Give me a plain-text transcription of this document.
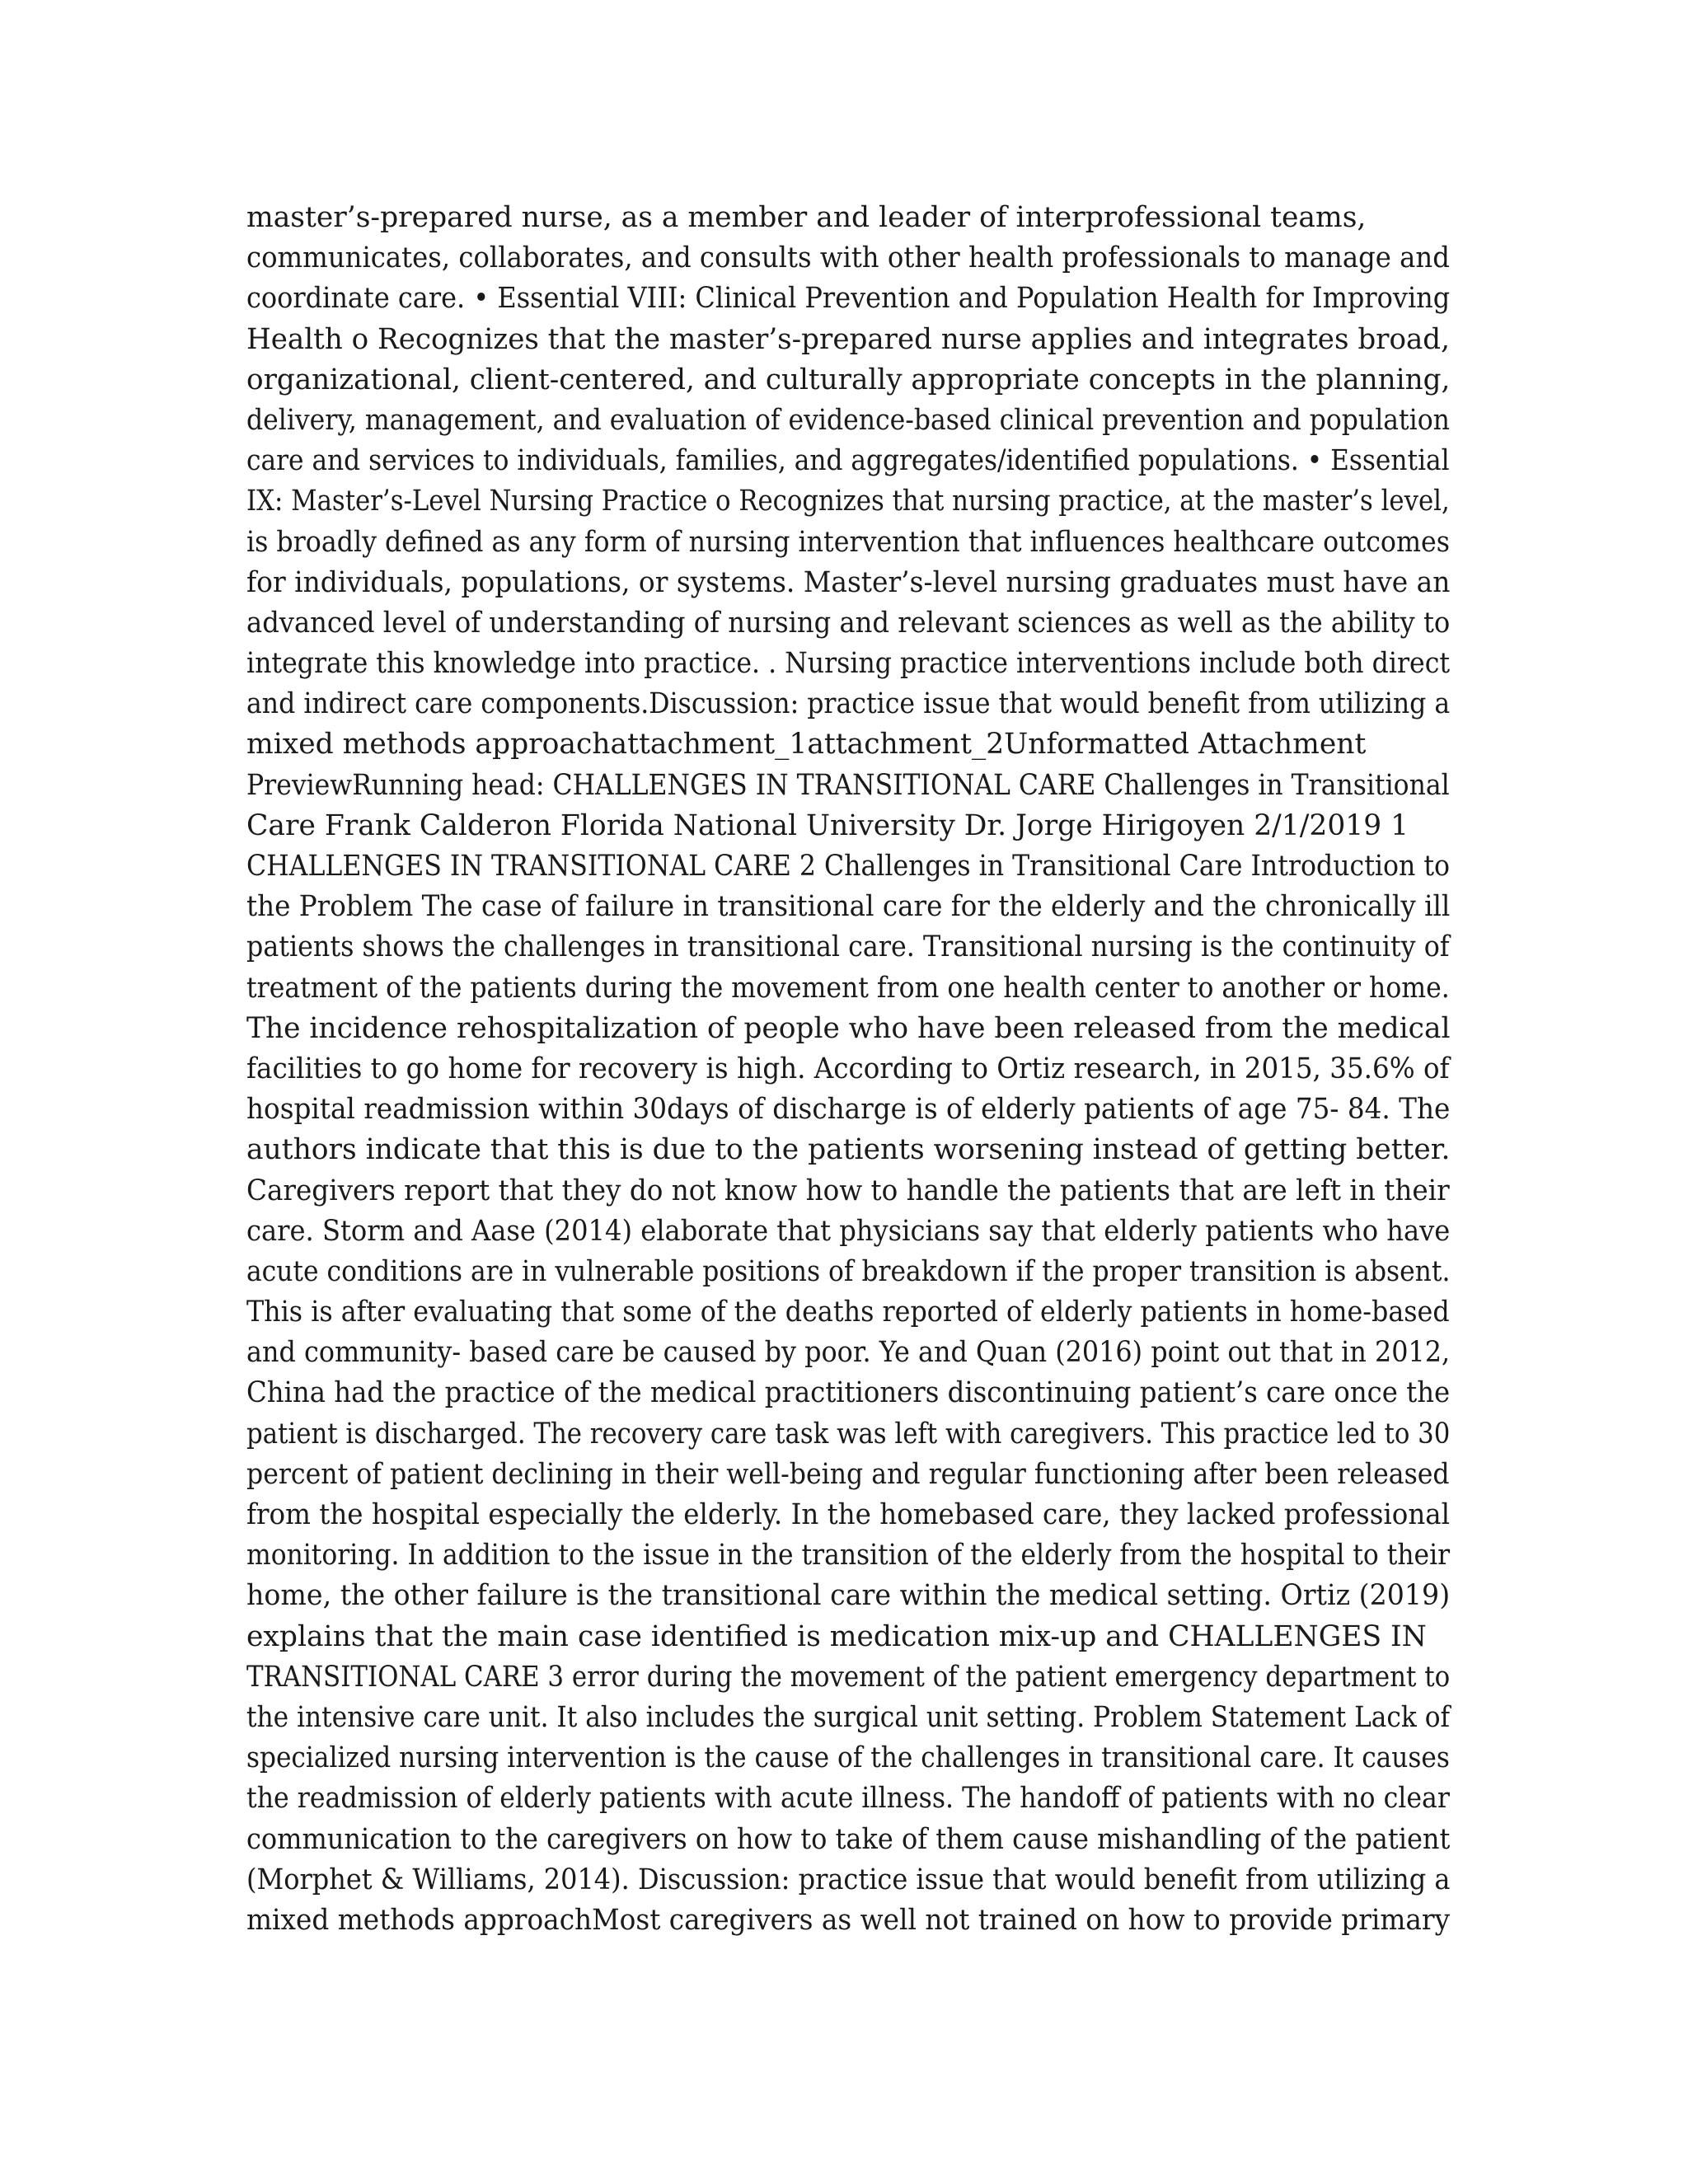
master’s-prepared nurse, as a member and leader of interprofessional teams,
communicates, collaborates, and consults with other health professionals to manage and
coordinate care. • Essential VIII: Clinical Prevention and Population Health for Improving
Health o Recognizes that the master’s-prepared nurse applies and integrates broad,
organizational, client-centered, and culturally appropriate concepts in the planning,
delivery, management, and evaluation of evidence-based clinical prevention and population
care and services to individuals, families, and aggregates/identified populations. • Essential
IX: Master’s-Level Nursing Practice o Recognizes that nursing practice, at the master’s level,
is broadly defined as any form of nursing intervention that influences healthcare outcomes
for individuals, populations, or systems. Master’s-level nursing graduates must have an
advanced level of understanding of nursing and relevant sciences as well as the ability to
integrate this knowledge into practice. . Nursing practice interventions include both direct
and indirect care components.Discussion: practice issue that would benefit from utilizing a
mixed methods approachattachment_1attachment_2Unformatted Attachment
PreviewRunning head: CHALLENGES IN TRANSITIONAL CARE Challenges in Transitional
Care Frank Calderon Florida National University Dr. Jorge Hirigoyen 2/1/2019 1
CHALLENGES IN TRANSITIONAL CARE 2 Challenges in Transitional Care Introduction to
the Problem The case of failure in transitional care for the elderly and the chronically ill
patients shows the challenges in transitional care. Transitional nursing is the continuity of
treatment of the patients during the movement from one health center to another or home.
The incidence rehospitalization of people who have been released from the medical
facilities to go home for recovery is high. According to Ortiz research, in 2015, 35.6% of
hospital readmission within 30days of discharge is of elderly patients of age 75- 84. The
authors indicate that this is due to the patients worsening instead of getting better.
Caregivers report that they do not know how to handle the patients that are left in their
care. Storm and Aase (2014) elaborate that physicians say that elderly patients who have
acute conditions are in vulnerable positions of breakdown if the proper transition is absent.
This is after evaluating that some of the deaths reported of elderly patients in home-based
and community- based care be caused by poor. Ye and Quan (2016) point out that in 2012,
China had the practice of the medical practitioners discontinuing patient’s care once the
patient is discharged. The recovery care task was left with caregivers. This practice led to 30
percent of patient declining in their well-being and regular functioning after been released
from the hospital especially the elderly. In the homebased care, they lacked professional
monitoring. In addition to the issue in the transition of the elderly from the hospital to their
home, the other failure is the transitional care within the medical setting. Ortiz (2019)
explains that the main case identified is medication mix-up and CHALLENGES IN
TRANSITIONAL CARE 3 error during the movement of the patient emergency department to
the intensive care unit. It also includes the surgical unit setting. Problem Statement Lack of
specialized nursing intervention is the cause of the challenges in transitional care. It causes
the readmission of elderly patients with acute illness. The handoff of patients with no clear
communication to the caregivers on how to take of them cause mishandling of the patient
(Morphet & Williams, 2014). Discussion: practice issue that would benefit from utilizing a
mixed methods approachMost caregivers as well not trained on how to provide primary
